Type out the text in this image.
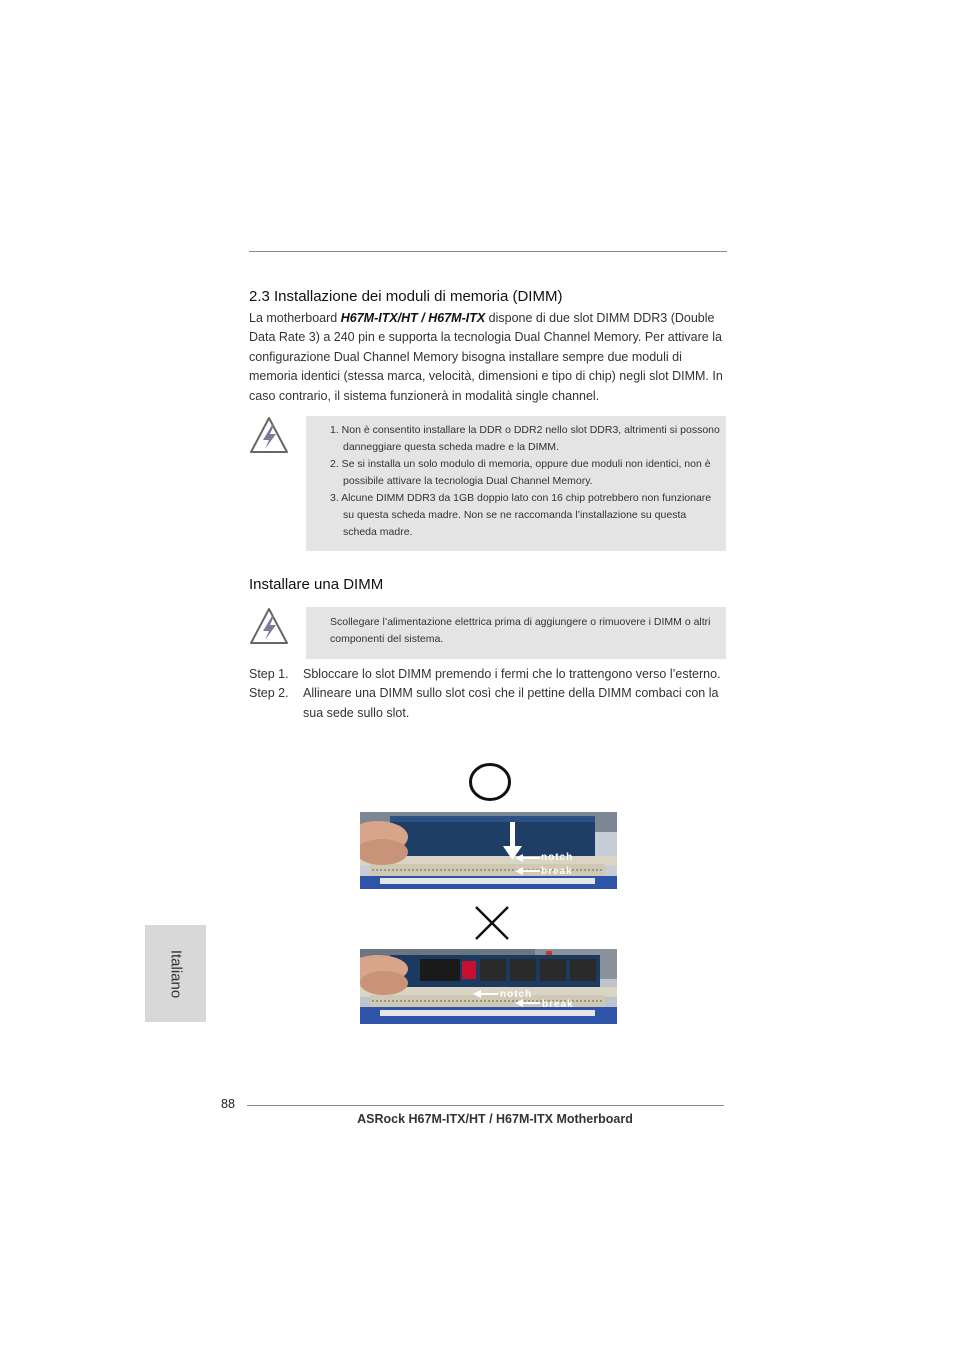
2.3 Installazione dei moduli di memoria (DIMM)
La motherboard H67M-ITX/HT / H67M-ITX dispone di due slot DIMM DDR3 (Double Data Rate 3) a 240 pin e supporta la tecnologia Dual Channel Memory. Per attivare la configurazione Dual Channel Memory bisogna installare sempre due moduli di memoria identici (stessa marca, velocità, dimensioni e tipo di chip) negli slot DIMM. In caso contrario, il sistema funzionerà in modalità single channel.
1. Non è consentito installare la DDR o DDR2 nello slot DDR3, altrimenti si possono danneggiare questa scheda madre e la DIMM.
2. Se si installa un solo modulo di memoria, oppure due moduli non identici, non è possibile attivare la tecnologia Dual Channel Memory.
3. Alcune DIMM DDR3 da 1GB doppio lato con 16 chip potrebbero non funzionare su questa scheda madre. Non se ne raccomanda l’installazione su questa scheda madre.
Installare una DIMM
Scollegare l’alimentazione elettrica prima di aggiungere o rimuovere i DIMM o altri componenti del sistema.
Step 1.	Sbloccare lo slot DIMM premendo i fermi che lo trattengono verso l’esterno.
Step 2.	Allineare una DIMM sullo slot così che il pettine della DIMM combaci con la sua sede sullo slot.
notch
break
notch
break
Italiano
88
ASRock H67M-ITX/HT / H67M-ITX Motherboard
